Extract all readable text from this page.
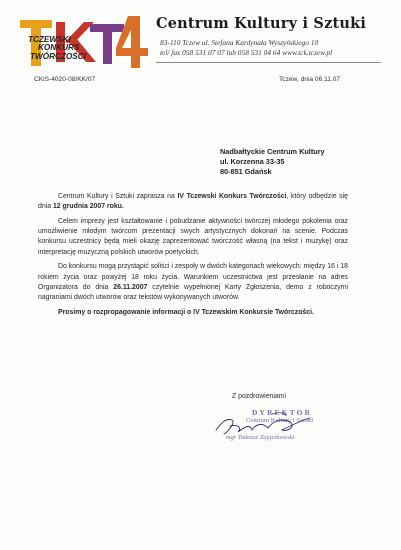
TCZEWSKI
KONKURS
TWÓRCZOŚCI
Centrum Kultury i Sztuki
83-110 Tczew ul. Stefana Kardynała Wyszyńskiego 10
tel/ fax 058 531 07 07 lub 058 531 04 64 www.tck.tczew.pl
CKiS-4020-08/KK/07	Tczew, dnia 06.11.07
Nadbałtyckie Centrum Kultury
ul. Korzenna 33-35
80-851 Gdańsk

Centrum Kultury i Sztuki zaprasza na IV Tczewski Konkurs Twórczości, który odbędzie się dnia 12 grudnia 2007 roku.

Celem imprezy jest kształtowanie i pobudzanie aktywności twórczej młodego pokolenia oraz umożliwienie młodym twórcom prezentacji swych artystycznych dokonań na scenie. Podczas konkursu uczestnicy będą mieli okazję zaprezentować twórczość własną (na tekst i muzykę) oraz interpretację muzyczną polskich utworów poetyckich.

Do konkursu mogą przystąpić soliści i zespoły w dwóch kategoriach wiekowych: między 16 i 18 rokiem życia oraz powyżej 18 roku życia. Warunkiem uczestnictwa jest przesłanie na adres Organizatora do dnia 26.11.2007 czytelnie wypełnionej Karty Zgłoszenia, demo z roboczymi nagraniami dwóch utworów oraz tekstów wykonywanych utworów.

Prosimy o rozpropagowanie informacji o IV Tczewskim Konkursie Twórczości.

Z pozdrowieniami
DYREKTOR
Centrum Kultury i Sztuki
mgr Tadeusz Zajączkowski
